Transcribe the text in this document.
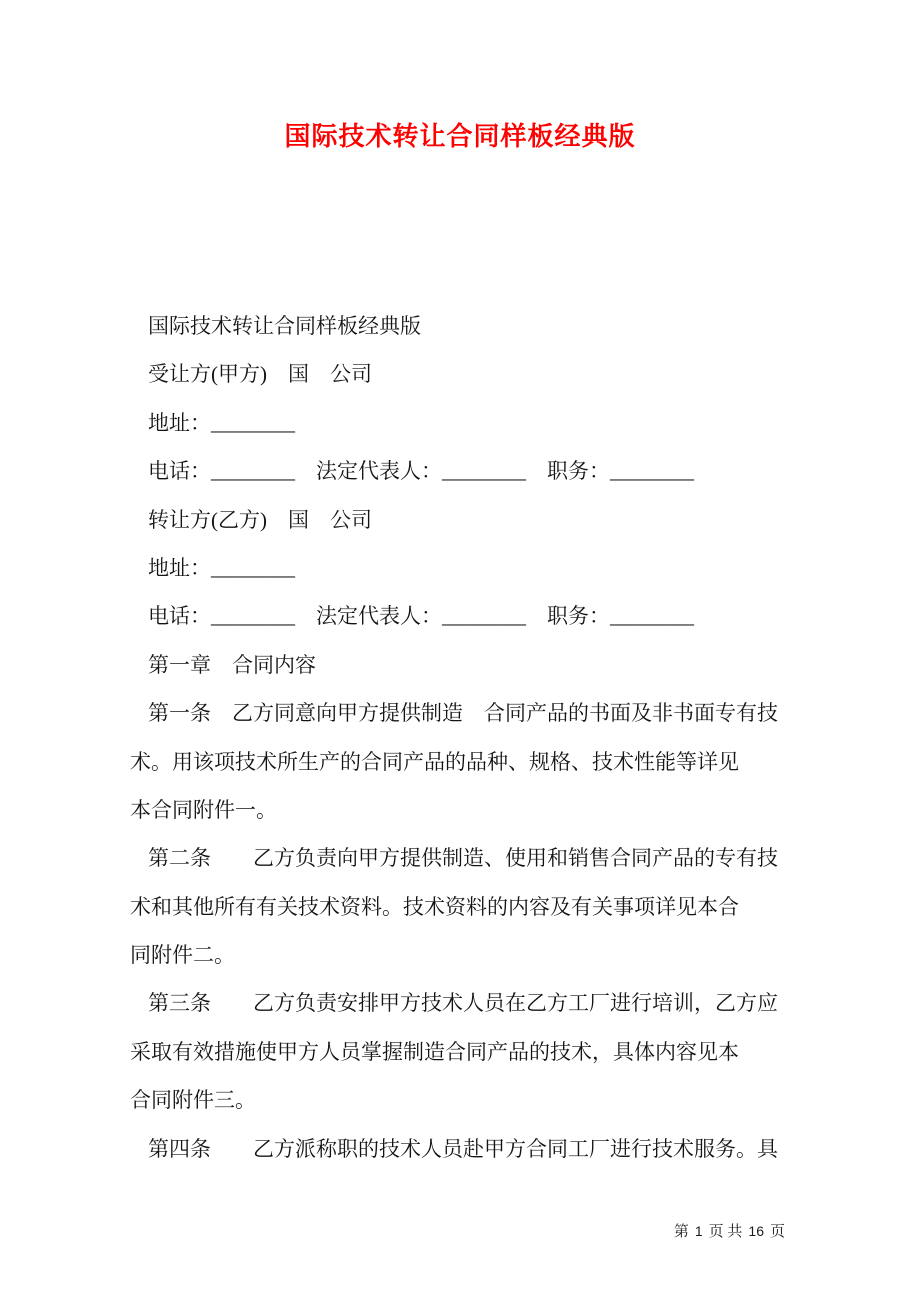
国际技术转让合同样板经典版
国际技术转让合同样板经典版
受让方(甲方)　国　公司
地址：________
电话：________　法定代表人：________　职务：________
转让方(乙方)　国　公司
地址：________
电话：________　法定代表人：________　职务：________
第一章　合同内容
第一条　乙方同意向甲方提供制造　合同产品的书面及非书面专有技
术。用该项技术所生产的合同产品的品种、规格、技术性能等详见
本合同附件一。
第二条　　乙方负责向甲方提供制造、使用和销售合同产品的专有技
术和其他所有有关技术资料。技术资料的内容及有关事项详见本合
同附件二。
第三条　　乙方负责安排甲方技术人员在乙方工厂进行培训，乙方应
采取有效措施使甲方人员掌握制造合同产品的技术，具体内容见本
合同附件三。
第四条　　乙方派称职的技术人员赴甲方合同工厂进行技术服务。具

第 1 页 共 16 页
